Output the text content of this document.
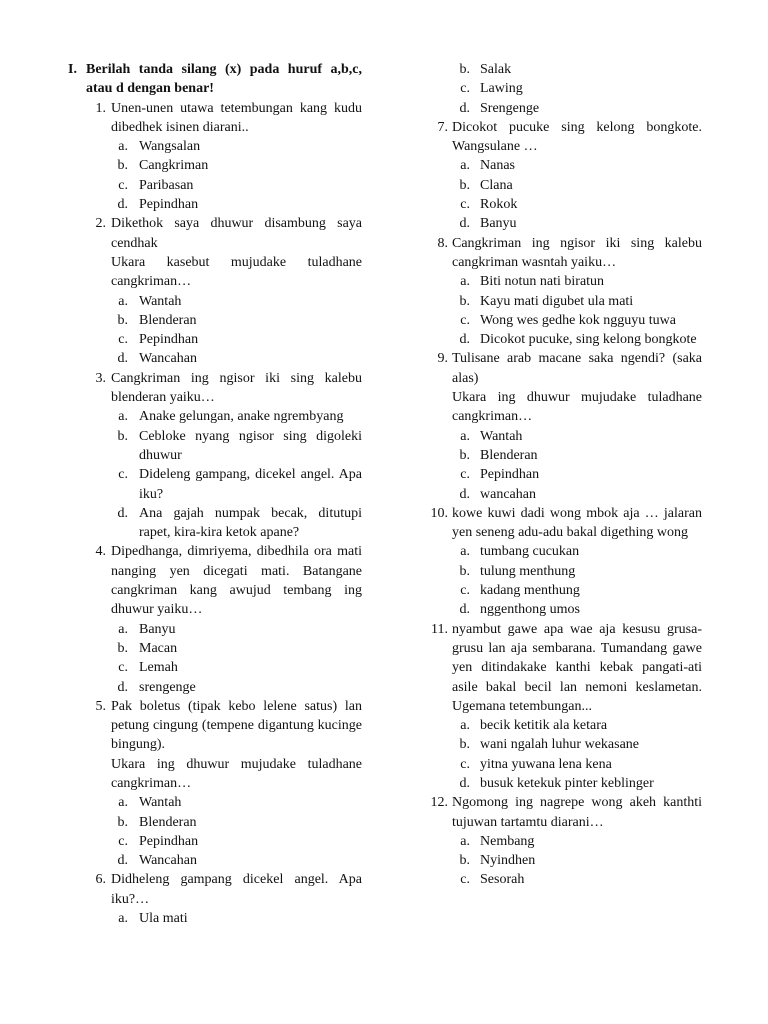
I. Berilah tanda silang (x) pada huruf a,b,c, atau d dengan benar!
1. Unen-unen utawa tetembungan kang kudu dibedhek isinen diarani..
a. Wangsalan
b. Cangkriman
c. Paribasan
d. Pepindhan
2. Dikethok saya dhuwur disambung saya cendhak
Ukara kasebut mujudake tuladhane cangkriman…
a. Wantah
b. Blenderan
c. Pepindhan
d. Wancahan
3. Cangkriman ing ngisor iki sing kalebu blenderan yaiku…
a. Anake gelungan, anake ngrembyang
b. Cebloke nyang ngisor sing digoleki dhuwur
c. Dideleng gampang, dicekel angel. Apa iku?
d. Ana gajah numpak becak, ditutupi rapet, kira-kira ketok apane?
4. Dipedhanga, dimriyema, dibedhila ora mati nanging yen dicegati mati. Batangane cangkriman kang awujud tembang ing dhuwur yaiku…
a. Banyu
b. Macan
c. Lemah
d. srengenge
5. Pak boletus (tipak kebo lelene satus) lan petung cingung (tempene digantung kucinge bingung).
Ukara ing dhuwur mujudake tuladhane cangkriman…
a. Wantah
b. Blenderan
c. Pepindhan
d. Wancahan
6. Didheleng gampang dicekel angel. Apa iku?…
a. Ula mati
b. Salak
c. Lawing
d. Srengenge
7. Dicokot pucuke sing kelong bongkote. Wangsulane …
a. Nanas
b. Clana
c. Rokok
d. Banyu
8. Cangkriman ing ngisor iki sing kalebu cangkriman wasntah yaiku…
a. Biti notun nati biratun
b. Kayu mati digubet ula mati
c. Wong wes gedhe kok ngguyu tuwa
d. Dicokot pucuke, sing kelong bongkote
9. Tulisane arab macane saka ngendi? (saka alas)
Ukara ing dhuwur mujudake tuladhane cangkriman…
a. Wantah
b. Blenderan
c. Pepindhan
d. wancahan
10. kowe kuwi dadi wong mbok aja … jalaran yen seneng adu-adu bakal digething wong
a. tumbang cucukan
b. tulung menthung
c. kadang menthung
d. nggenthong umos
11. nyambut gawe apa wae aja kesusu grusa-grusu lan aja sembarana. Tumandang gawe yen ditindakake kanthi kebak pangati-ati asile bakal becil lan nemoni keslametan. Ugemana tetembungan...
a. becik ketitik ala ketara
b. wani ngalah luhur wekasane
c. yitna yuwana lena kena
d. busuk ketekuk pinter keblinger
12. Ngomong ing nagrepe wong akeh kanthti tujuwan tartamtu diarani…
a. Nembang
b. Nyindhen
c. Sesorah
